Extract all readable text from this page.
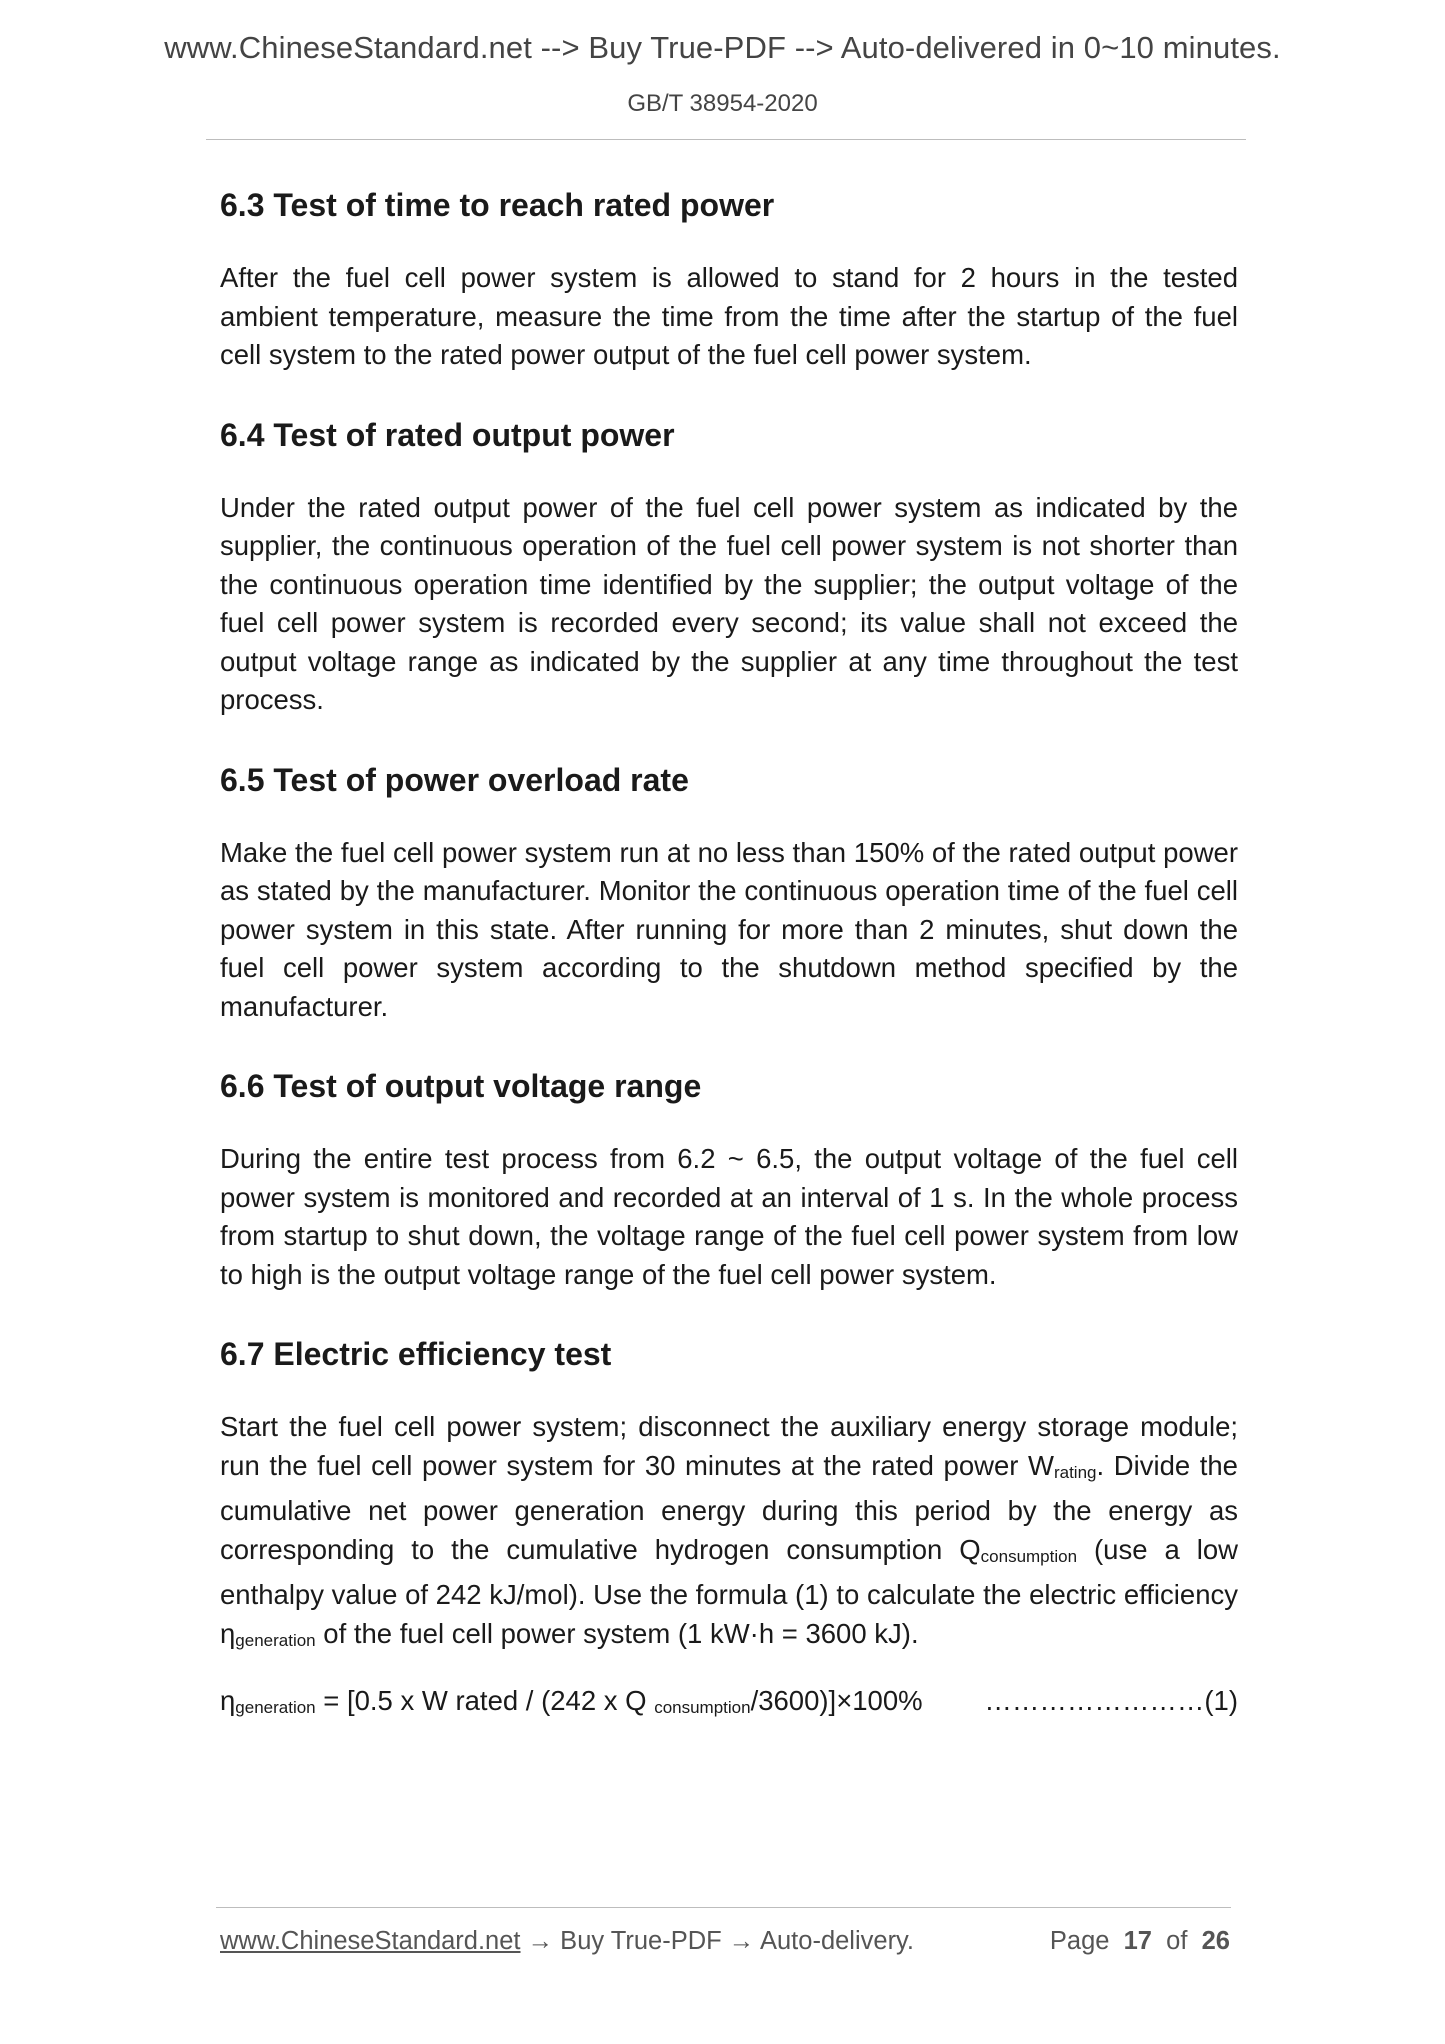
www.ChineseStandard.net --> Buy True-PDF --> Auto-delivered in 0~10 minutes.
GB/T 38954-2020
6.3 Test of time to reach rated power

After the fuel cell power system is allowed to stand for 2 hours in the tested ambient temperature, measure the time from the time after the startup of the fuel cell system to the rated power output of the fuel cell power system.

6.4 Test of rated output power

Under the rated output power of the fuel cell power system as indicated by the supplier, the continuous operation of the fuel cell power system is not shorter than the continuous operation time identified by the supplier; the output voltage of the fuel cell power system is recorded every second; its value shall not exceed the output voltage range as indicated by the supplier at any time throughout the test process.

6.5 Test of power overload rate

Make the fuel cell power system run at no less than 150% of the rated output power as stated by the manufacturer. Monitor the continuous operation time of the fuel cell power system in this state. After running for more than 2 minutes, shut down the fuel cell power system according to the shutdown method specified by the manufacturer.

6.6 Test of output voltage range

During the entire test process from 6.2 ~ 6.5, the output voltage of the fuel cell power system is monitored and recorded at an interval of 1 s. In the whole process from startup to shut down, the voltage range of the fuel cell power system from low to high is the output voltage range of the fuel cell power system.

6.7 Electric efficiency test

Start the fuel cell power system; disconnect the auxiliary energy storage module; run the fuel cell power system for 30 minutes at the rated power Wrating. Divide the cumulative net power generation energy during this period by the energy as corresponding to the cumulative hydrogen consumption Qconsumption (use a low enthalpy value of 242 kJ/mol). Use the formula (1) to calculate the electric efficiency ηgeneration of the fuel cell power system (1 kW·h = 3600 kJ).

ηgeneration = [0.5 x W rated / (242 x Q consumption/3600)]×100% ……………………(1)
www.ChineseStandard.net → Buy True-PDF → Auto-delivery.	Page 17 of 26
